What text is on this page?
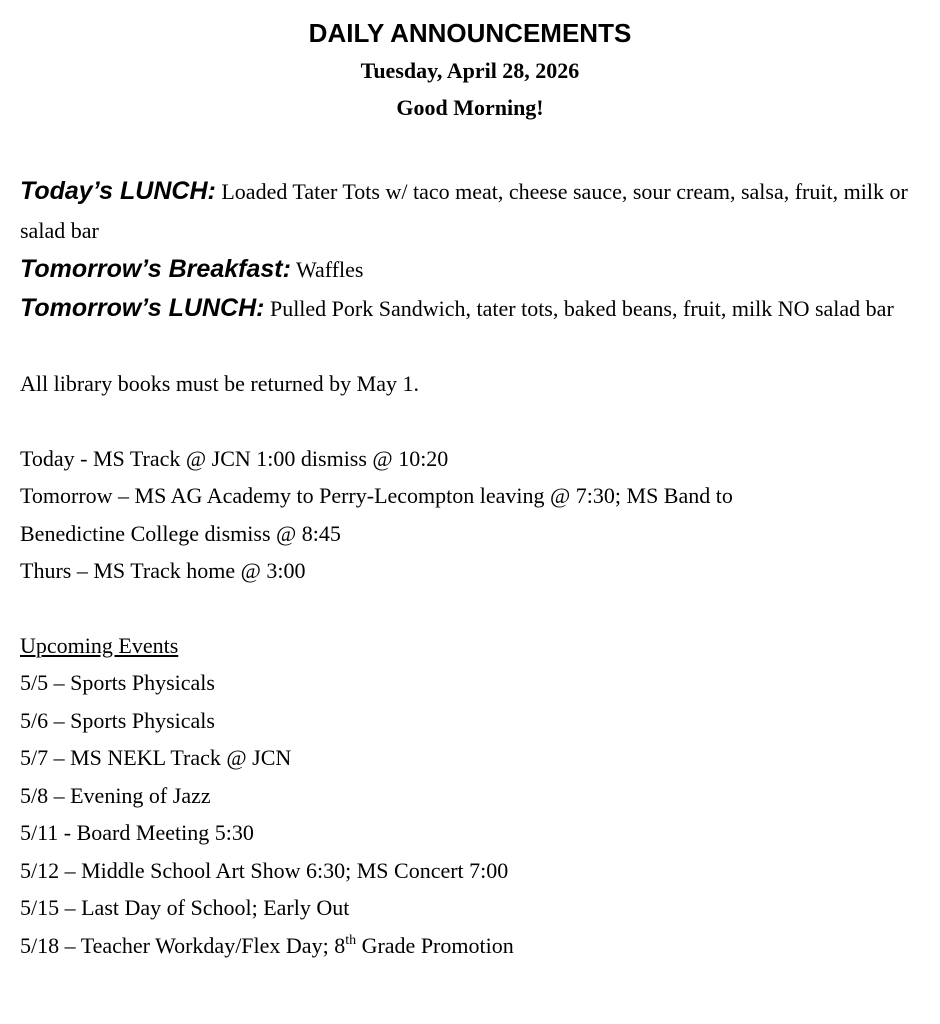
DAILY ANNOUNCEMENTS
Tuesday, April 28, 2026
Good Morning!
Today’s LUNCH: Loaded Tater Tots w/ taco meat, cheese sauce, sour cream, salsa, fruit, milk or salad bar
Tomorrow’s Breakfast: Waffles
Tomorrow’s LUNCH: Pulled Pork Sandwich, tater tots, baked beans, fruit, milk NO salad bar
All library books must be returned by May 1.
Today - MS Track @ JCN 1:00 dismiss @ 10:20
Tomorrow – MS AG Academy to Perry-Lecompton leaving @ 7:30; MS Band to
Benedictine College dismiss @ 8:45
Thurs – MS Track home @ 3:00
Upcoming Events
5/5 – Sports Physicals
5/6 – Sports Physicals
5/7 – MS NEKL Track @ JCN
5/8 – Evening of Jazz
5/11 - Board Meeting 5:30
5/12 – Middle School Art Show 6:30; MS Concert 7:00
5/15 – Last Day of School; Early Out
5/18 – Teacher Workday/Flex Day; 8th Grade Promotion
